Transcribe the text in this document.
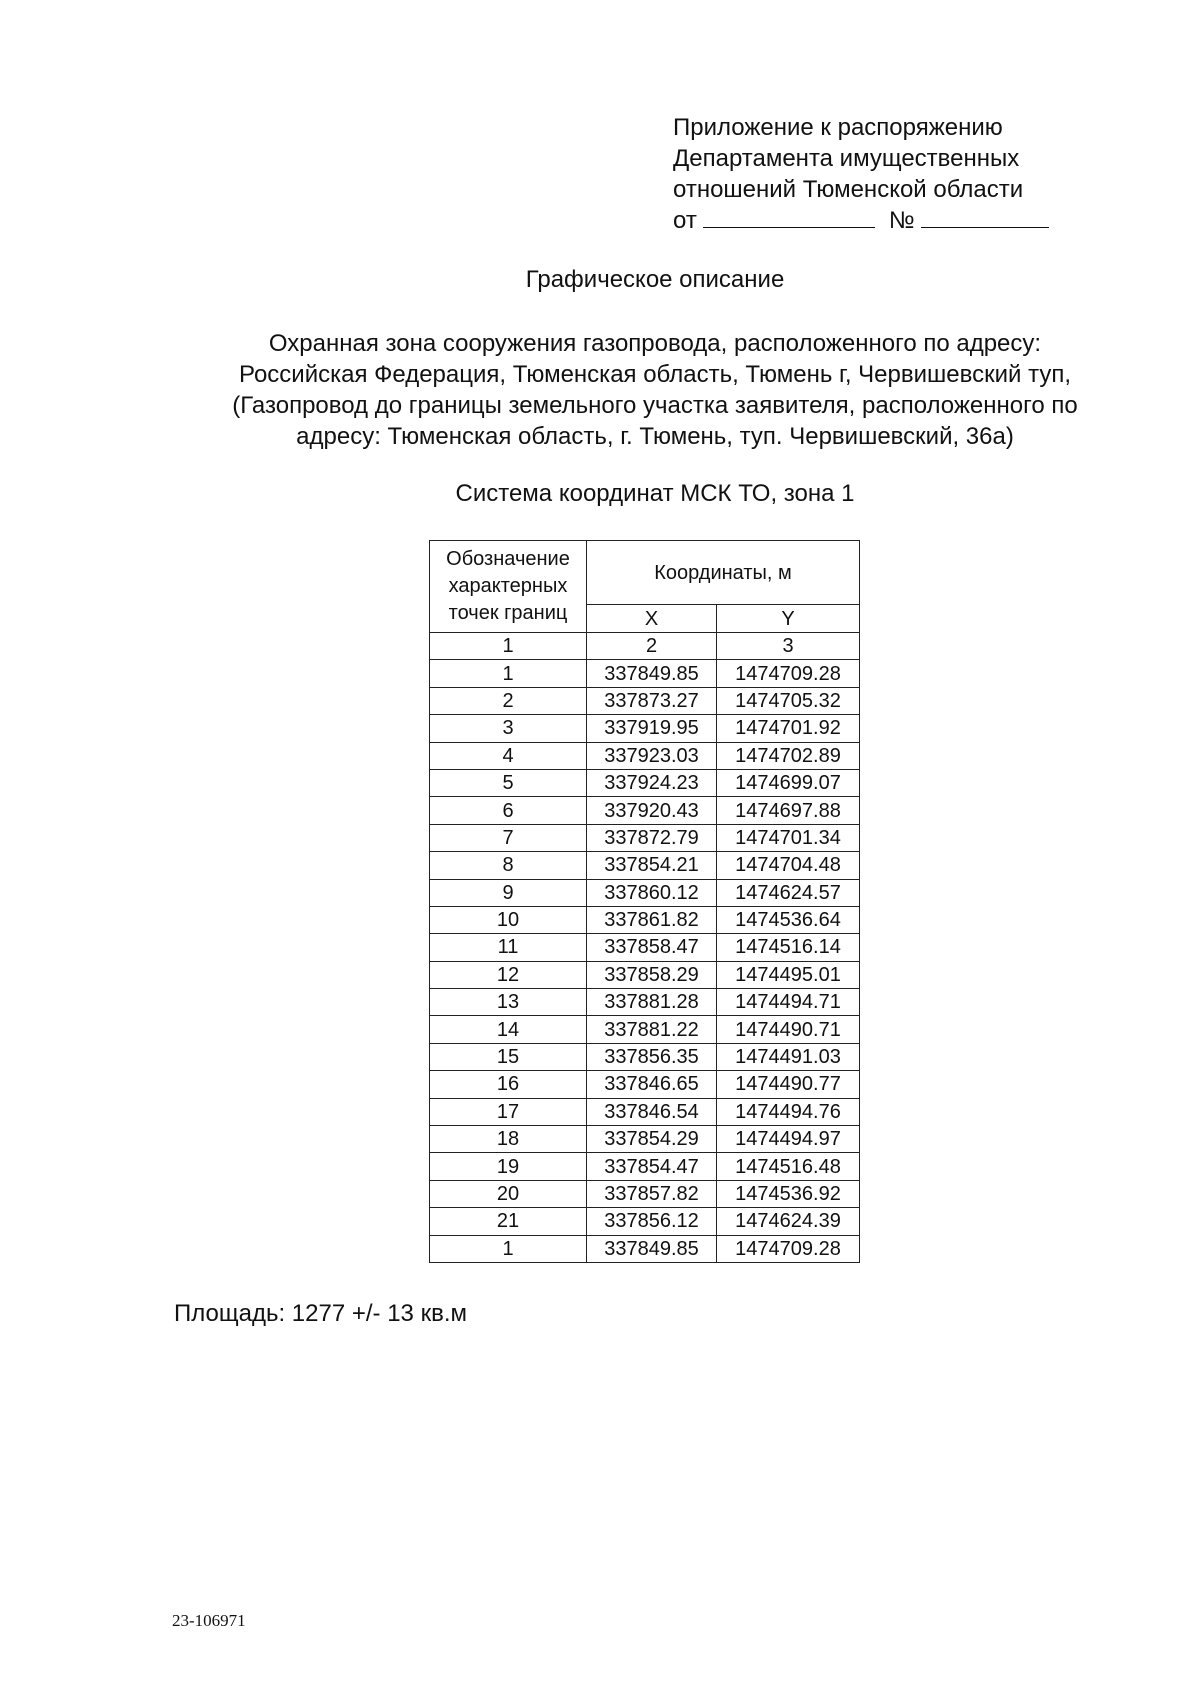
Приложение к распоряжению
Департамента имущественных
отношений Тюменской области
от	№
Графическое описание
Охранная зона сооружения газопровода, расположенного по адресу:
Российская Федерация, Тюменская область, Тюмень г, Червишевский туп,
(Газопровод до границы земельного участка заявителя, расположенного по
адресу: Тюменская область, г. Тюмень, туп. Червишевский, 36а)
Система координат МСК ТО, зона 1
Обозначение характерных точек границ	Координаты, м	
	X	Y
1	2	3
1	337849.85	1474709.28
2	337873.27	1474705.32
3	337919.95	1474701.92
4	337923.03	1474702.89
5	337924.23	1474699.07
6	337920.43	1474697.88
7	337872.79	1474701.34
8	337854.21	1474704.48
9	337860.12	1474624.57
10	337861.82	1474536.64
11	337858.47	1474516.14
12	337858.29	1474495.01
13	337881.28	1474494.71
14	337881.22	1474490.71
15	337856.35	1474491.03
16	337846.65	1474490.77
17	337846.54	1474494.76
18	337854.29	1474494.97
19	337854.47	1474516.48
20	337857.82	1474536.92
21	337856.12	1474624.39
1	337849.85	1474709.28
Площадь: 1277 +/- 13 кв.м
23-106971
